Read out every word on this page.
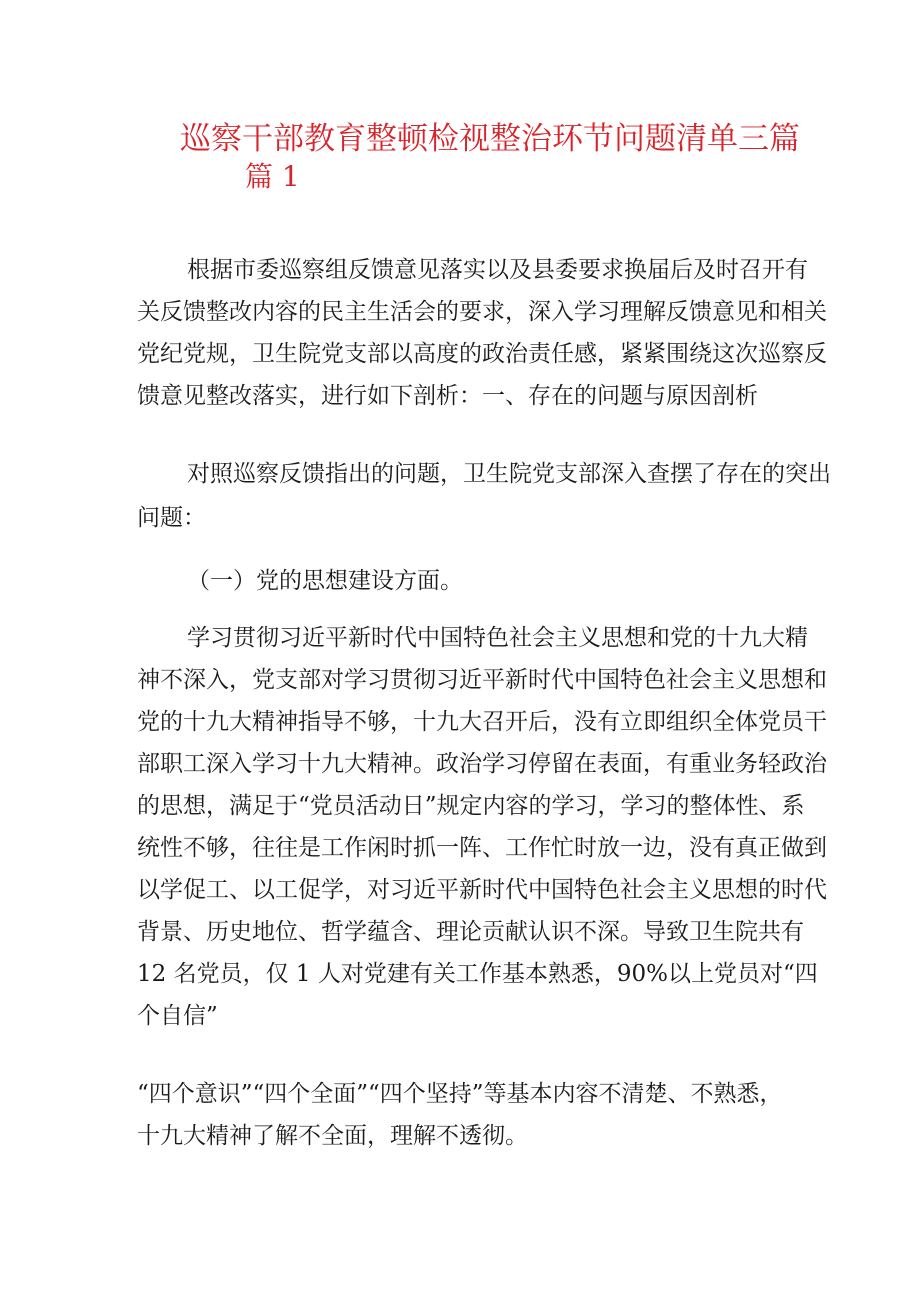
巡察干部教育整顿检视整治环节问题清单三篇
篇 1
根据市委巡察组反馈意见落实以及县委要求换届后及时召开有
关反馈整改内容的民主生活会的要求，深入学习理解反馈意见和相关
党纪党规，卫生院党支部以高度的政治责任感，紧紧围绕这次巡察反
馈意见整改落实，进行如下剖析：一、存在的问题与原因剖析
对照巡察反馈指出的问题，卫生院党支部深入查摆了存在的突出
问题：
（一）党的思想建设方面。
学习贯彻习近平新时代中国特色社会主义思想和党的十九大精
神不深入，党支部对学习贯彻习近平新时代中国特色社会主义思想和
党的十九大精神指导不够，十九大召开后，没有立即组织全体党员干
部职工深入学习十九大精神。政治学习停留在表面，有重业务轻政治
的思想，满足于“党员活动日”规定内容的学习，学习的整体性、系
统性不够，往往是工作闲时抓一阵、工作忙时放一边，没有真正做到
以学促工、以工促学，对习近平新时代中国特色社会主义思想的时代
背景、历史地位、哲学蕴含、理论贡献认识不深。导致卫生院共有
12 名党员，仅 1 人对党建有关工作基本熟悉，90%以上党员对“四
个自信”
“四个意识”“四个全面”“四个坚持”等基本内容不清楚、不熟悉，
十九大精神了解不全面，理解不透彻。
